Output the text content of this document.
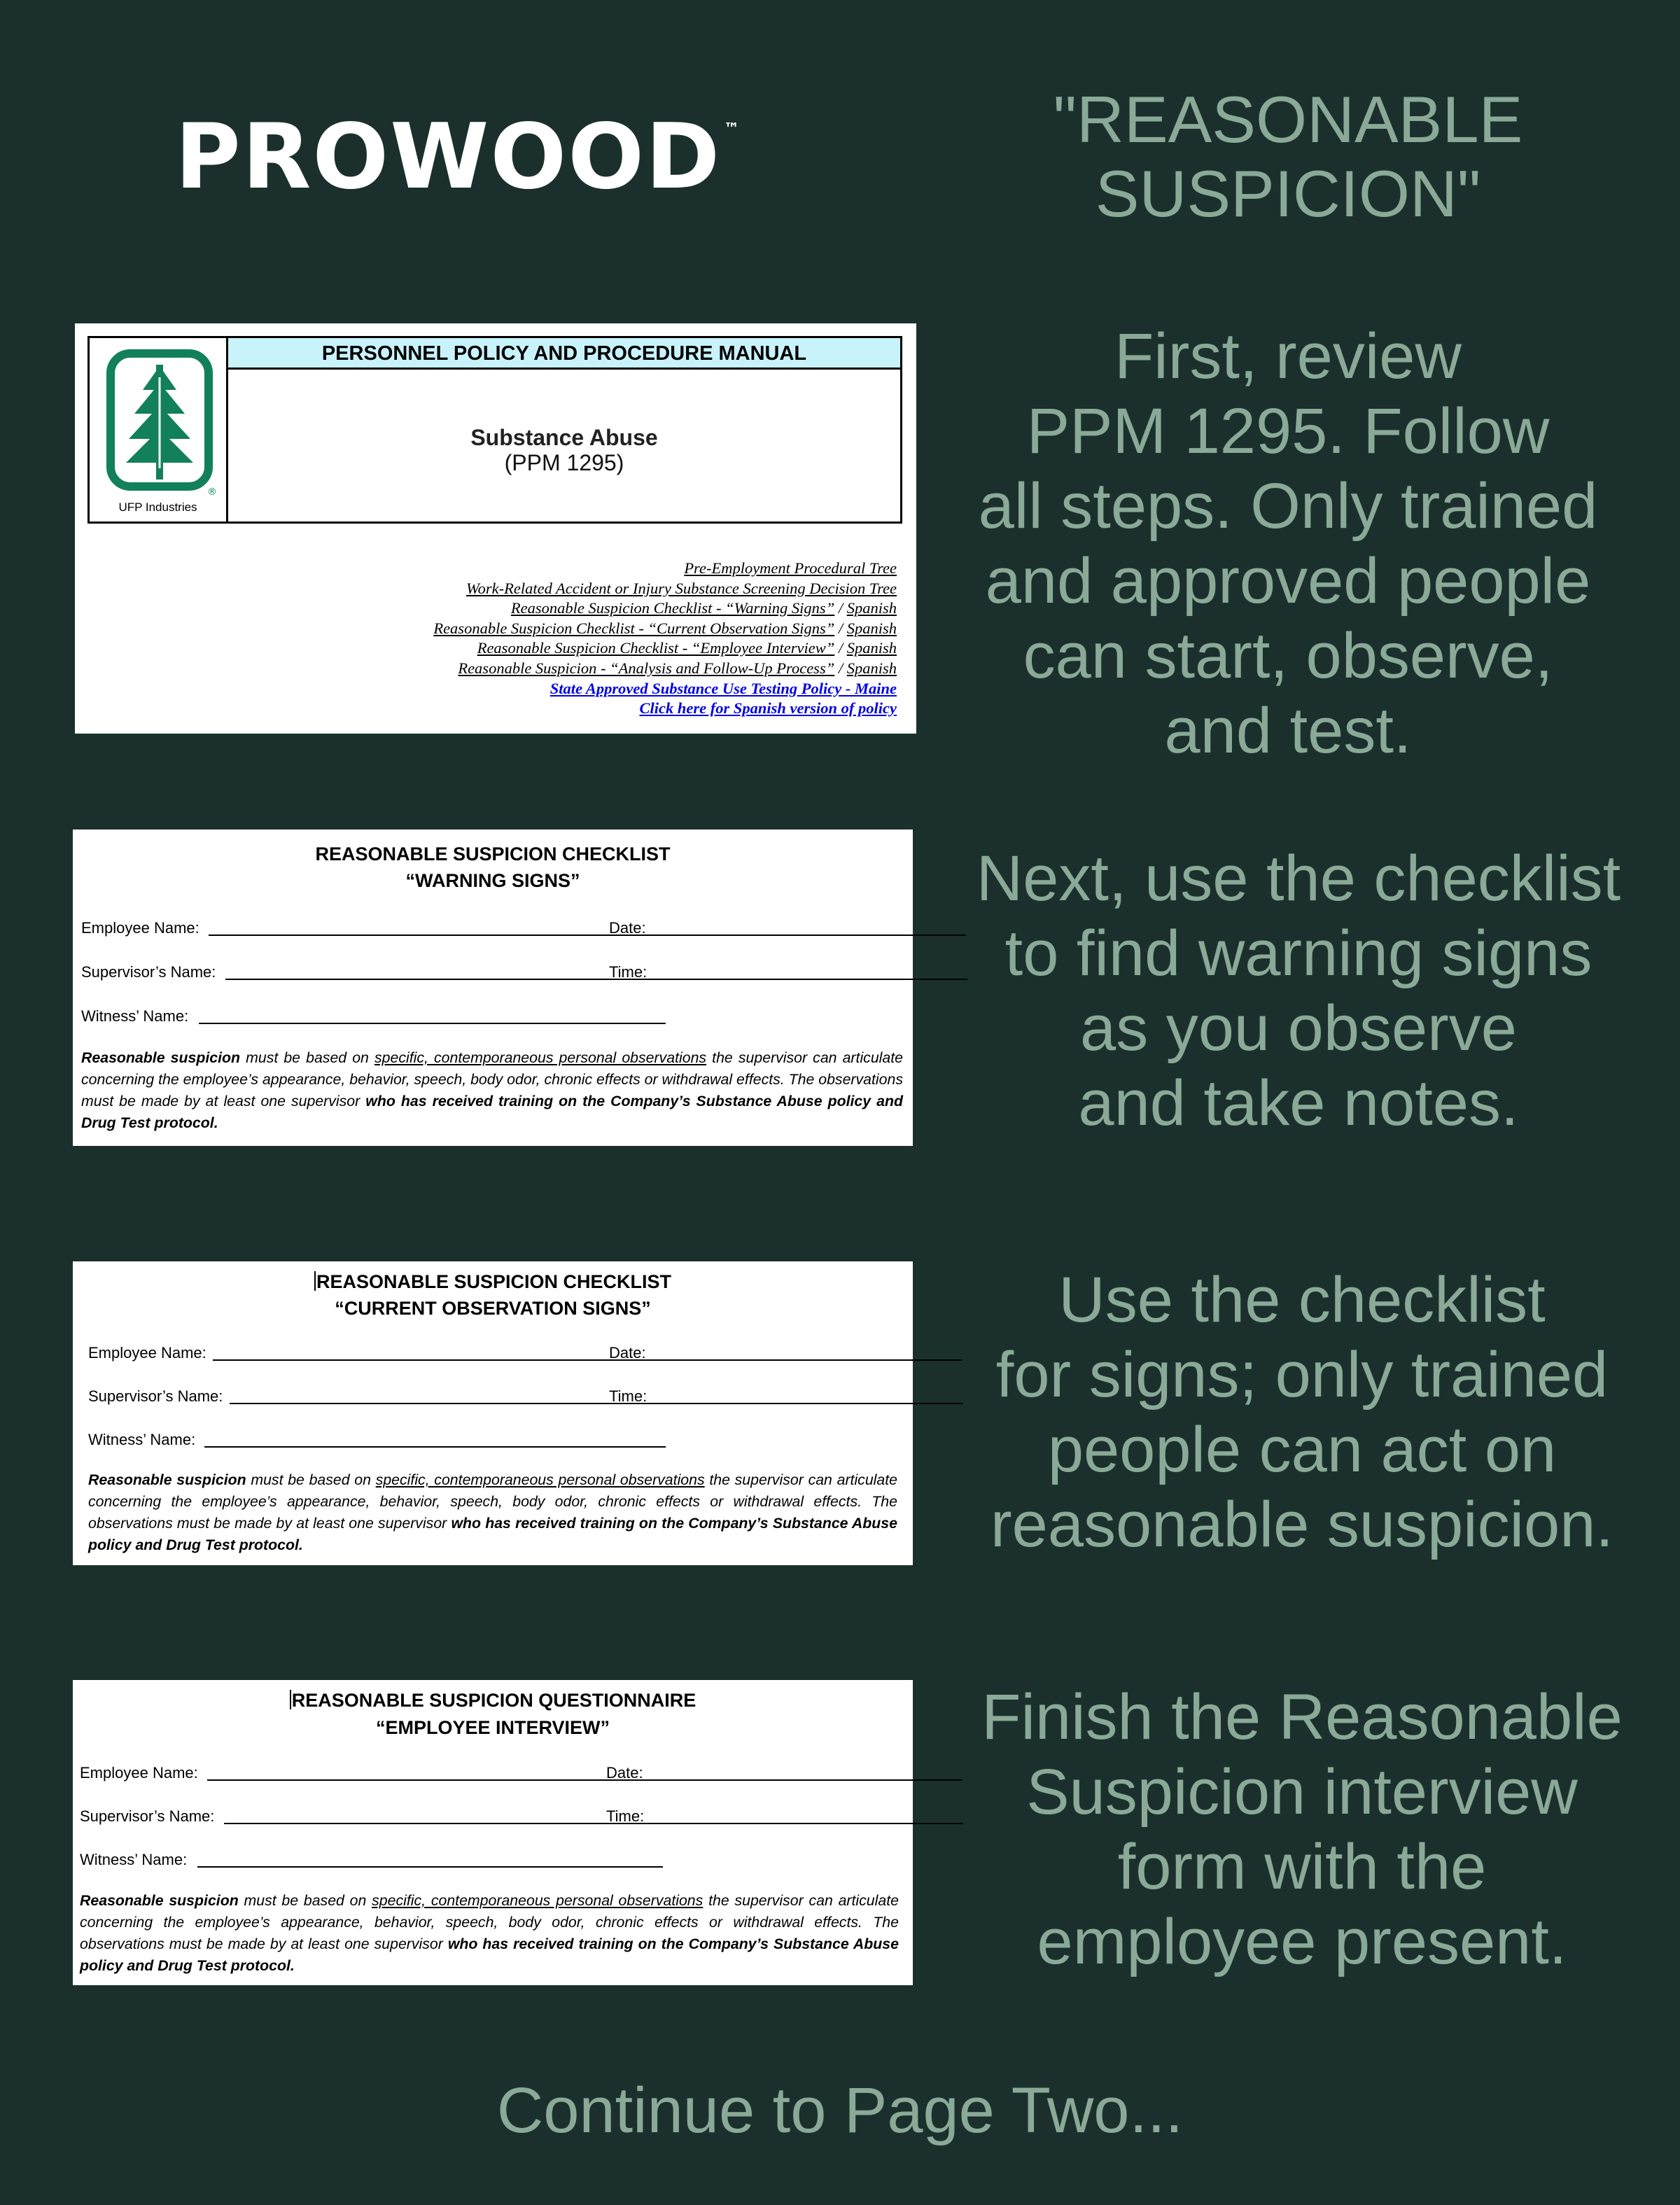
PROWOOD ™	"REASONABLE
SUSPICION"
First, review
PPM 1295. Follow
all steps. Only trained
and approved people
can start, observe,
and test.
Next, use the checklist
to find warning signs
as you observe
and take notes.
Use the checklist
for signs; only trained
people can act on
reasonable suspicion.
Finish the Reasonable
Suspicion interview
form with the
employee present.
®
UFP Industries
PERSONNEL POLICY AND PROCEDURE MANUAL
Substance Abuse
(PPM 1295)
Pre-Employment Procedural Tree
Work-Related Accident or Injury Substance Screening Decision Tree
Reasonable Suspicion Checklist - “Warning Signs” / Spanish
Reasonable Suspicion Checklist - “Current Observation Signs” / Spanish
Reasonable Suspicion Checklist - “Employee Interview” / Spanish
Reasonable Suspicion - “Analysis and Follow-Up Process” / Spanish
State Approved Substance Use Testing Policy - Maine
Click here for Spanish version of policy
REASONABLE SUSPICION CHECKLIST
“WARNING SIGNS”
Employee Name:	Date:
Supervisor’s Name:	Time:
Witness’ Name:
Reasonable suspicion must be based on specific, contemporaneous personal observations the supervisor can articulate concerning the employee’s appearance, behavior, speech, body odor, chronic effects or withdrawal effects. The observations must be made by at least one supervisor who has received training on the Company’s Substance Abuse policy and Drug Test protocol.
REASONABLE SUSPICION CHECKLIST
“CURRENT OBSERVATION SIGNS”
Employee Name:	Date:
Supervisor’s Name:	Time:
Witness’ Name:
Reasonable suspicion must be based on specific, contemporaneous personal observations the supervisor can articulate concerning the employee’s appearance, behavior, speech, body odor, chronic effects or withdrawal effects. The observations must be made by at least one supervisor who has received training on the Company’s Substance Abuse policy and Drug Test protocol.
REASONABLE SUSPICION QUESTIONNAIRE
“EMPLOYEE INTERVIEW”
Employee Name:	Date:
Supervisor’s Name:	Time:
Witness’ Name:
Reasonable suspicion must be based on specific, contemporaneous personal observations the supervisor can articulate concerning the employee’s appearance, behavior, speech, body odor, chronic effects or withdrawal effects. The observations must be made by at least one supervisor who has received training on the Company’s Substance Abuse policy and Drug Test protocol.
Continue to Page Two...
